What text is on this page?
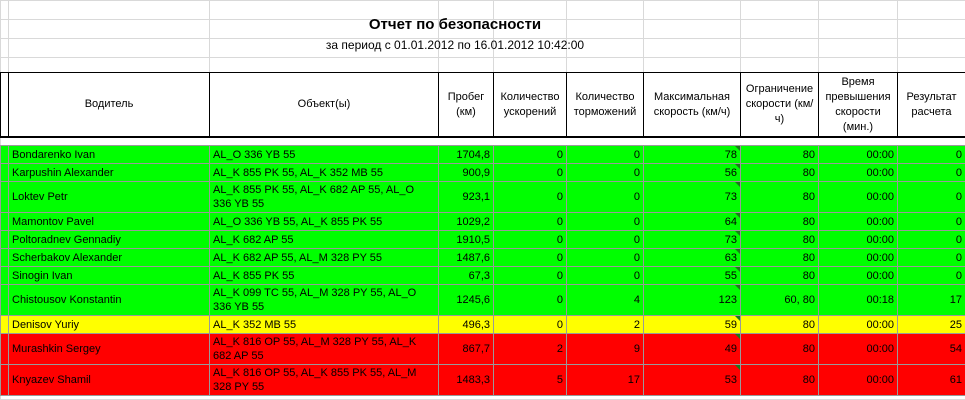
Отчет по безопасности
за период с 01.01.2012 по 16.01.2012 10:42:00
	Водитель	Объект(ы)	Пробег (км)	Количество ускорений	Количество торможений	Максимальная скорость (км/ч)	Ограничение скорости (км/ч)	Время превышения скорости (мин.)	Результат расчета

	Bondarenko Ivan	AL_O 336 YB 55	1704,8	0	0	78	80	00:00	0
	Karpushin Alexander	AL_K 855 PK 55, AL_K 352 MB 55	900,9	0	0	56	80	00:00	0
	Loktev Petr	AL_K 855 PK 55, AL_K 682 AP 55, AL_O 336 YB 55	923,1	0	0	73	80	00:00	0
	Mamontov Pavel	AL_O 336 YB 55, AL_K 855 PK 55	1029,2	0	0	64	80	00:00	0
	Poltoradnev Gennadiy	AL_K 682 AP 55	1910,5	0	0	73	80	00:00	0
	Scherbakov Alexander	AL_K 682 AP 55, AL_M 328 PY 55	1487,6	0	0	63	80	00:00	0
	Sinogin Ivan	AL_K 855 PK 55	67,3	0	0	55	80	00:00	0
	Chistousov Konstantin	AL_K 099 TC 55, AL_M 328 PY 55, AL_O 336 YB 55	1245,6	0	4	123	60, 80	00:18	17
	Denisov Yuriy	AL_K 352 MB 55	496,3	0	2	59	80	00:00	25
	Murashkin Sergey	AL_K 816 OP 55, AL_M 328 PY 55, AL_K 682 AP 55	867,7	2	9	49	80	00:00	54
	Knyazev Shamil	AL_K 816 OP 55, AL_K 855 PK 55, AL_M 328 PY 55	1483,3	5	17	53	80	00:00	61
